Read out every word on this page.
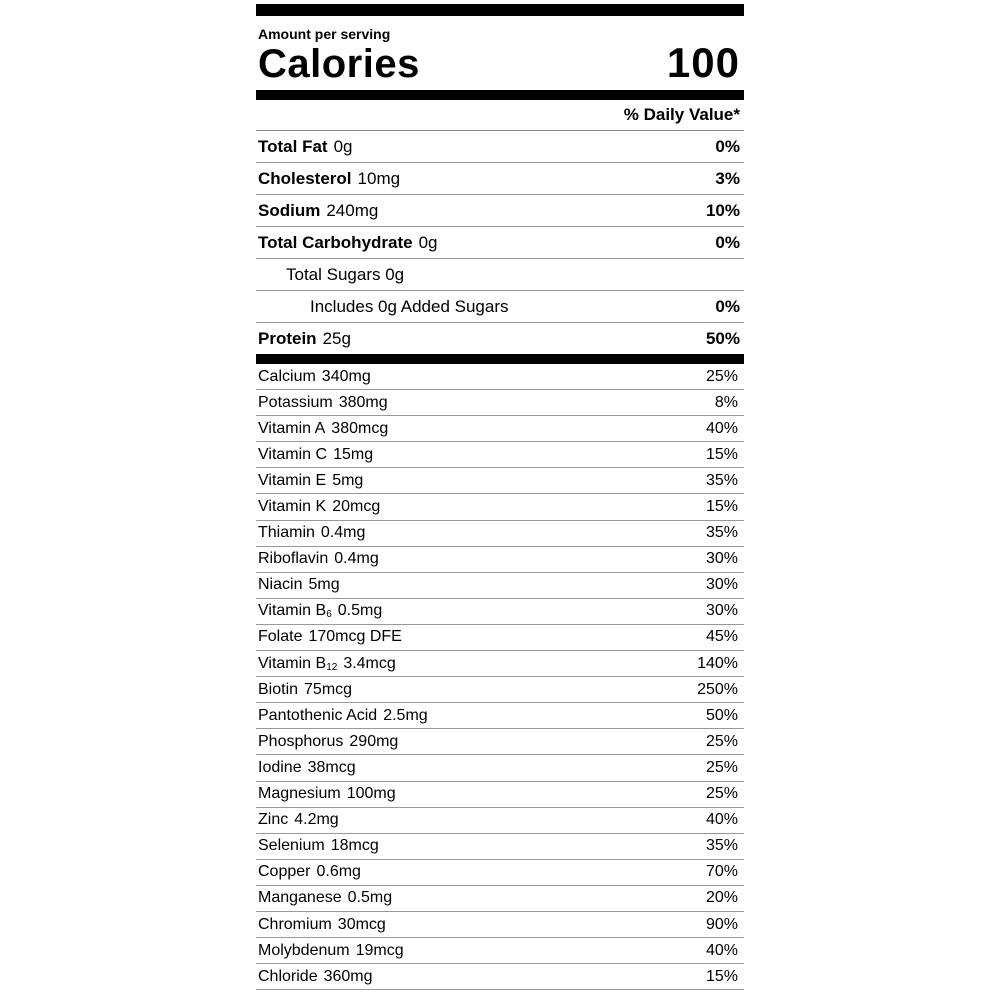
Amount per serving
Calories	100
% Daily Value*
Total Fat 0g	0%
Cholesterol 10mg	3%
Sodium 240mg	10%
Total Carbohydrate 0g	0%
Total Sugars 0g
Includes 0g Added Sugars	0%
Protein 25g	50%
Calcium 340mg	25%
Potassium 380mg	8%
Vitamin A 380mcg	40%
Vitamin C 15mg	15%
Vitamin E 5mg	35%
Vitamin K 20mcg	15%
Thiamin 0.4mg	35%
Riboflavin 0.4mg	30%
Niacin 5mg	30%
Vitamin $B_6$ 0.5mg	30%
Folate 170mcg DFE	45%
Vitamin $B_{12}$ 3.4mcg	140%
Biotin 75mcg	250%
Pantothenic Acid 2.5mg	50%
Phosphorus 290mg	25%
Iodine 38mcg	25%
Magnesium 100mg	25%
Zinc 4.2mg	40%
Selenium 18mcg	35%
Copper 0.6mg	70%
Manganese 0.5mg	20%
Chromium 30mcg	90%
Molybdenum 19mcg	40%
Chloride 360mg	15%
